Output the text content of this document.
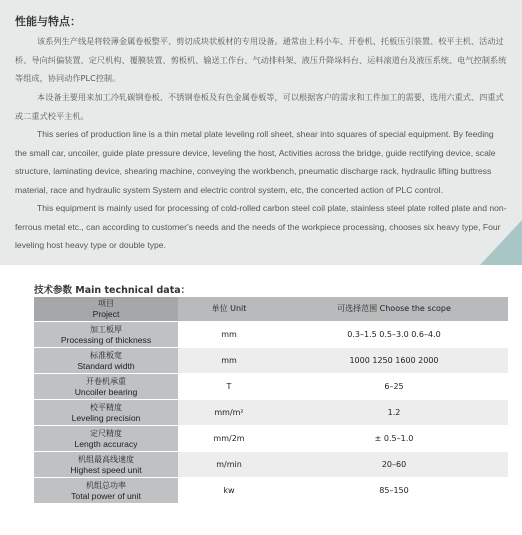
性能与特点：

该系列生产线是将较薄金属卷板整平、剪切成块状板材的专用设备。通常由上料小车、开卷机、托板压引装置、校平主机、活动过桥、导向纠偏装置、定尺机构、覆膜装置、剪板机、输送工作台、气动排料架、液压升降垛料台、运料滚道台及液压系统、电气控制系统等组成，协同动作PLC控制。

本设备主要用来加工冷轧碳钢卷板、不锈钢卷板及有色金属卷板等，可以根据客户的需求和工件加工的需要，选用六重式、四重式或二重式校平主机。

This series of production line is a thin metal plate leveling roll sheet, shear into squares of special equipment. By feeding the small car, uncoiler, guide plate pressure device, leveling the host, Activities across the bridge, guide rectifying device, scale structure, laminating device, shearing machine, conveying the workbench, pneumatic discharge rack, hydraulic lifting buttress material, race and hydraulic system System and electric control system, etc, the concerted action of PLC control.

This equipment is mainly used for processing of cold-rolled carbon steel coil plate, stainless steel plate rolled plate and non-ferrous metal etc., can according to customer's needs and the needs of the workpiece processing, chooses six heavy type, Four leveling host heavy type or double type.

技术参数 Main technical data：
项目
Project	单位 Unit	可选择范围 Choose the scope

加工板厚
Processing of thickness	mm	0.3–1.5 0.5–3.0 0.6–4.0

标准板宽
Standard width	mm	1000 1250 1600 2000

开卷机承重
Uncoiler bearing	T	6–25

校平精度
Leveling precision	mm/m²	1.2

定尺精度
Length accuracy	mm/2m	± 0.5–1.0

机组最高线速度
Highest speed unit	m/min	20–60

机组总功率
Total power of unit	kw	85–150
